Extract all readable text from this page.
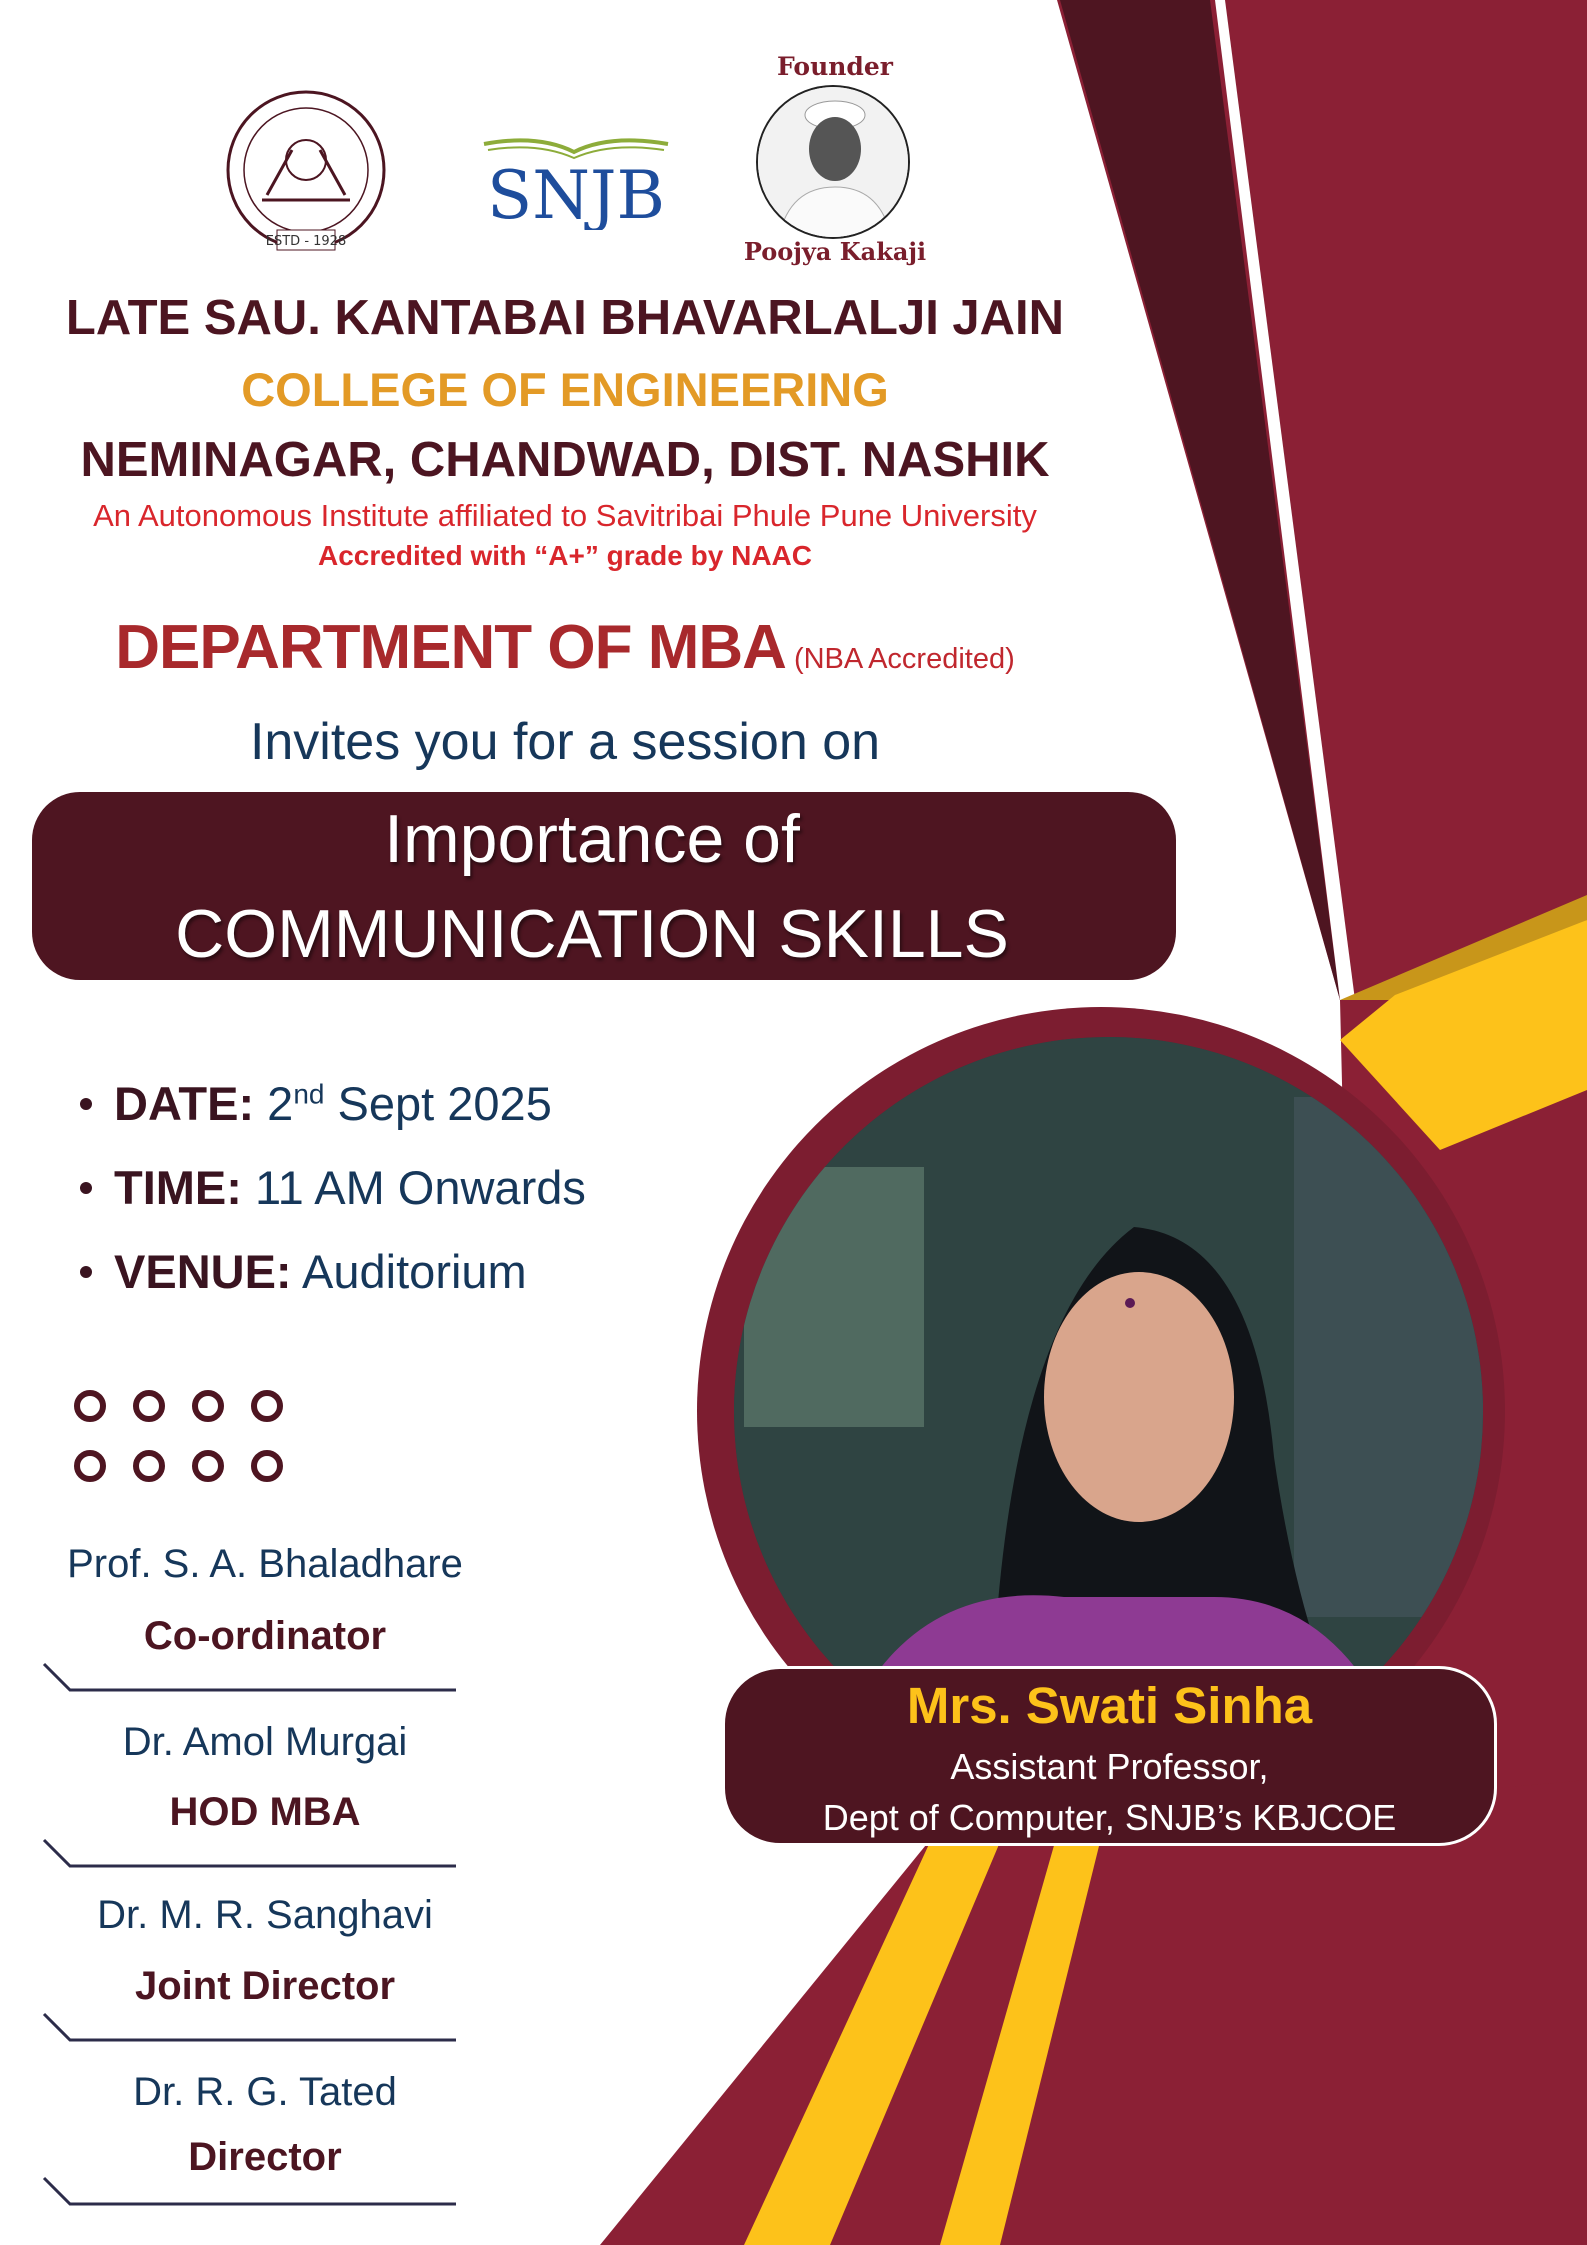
ESTD - 1928
SNJB
Founder
Poojya Kakaji
LATE SAU. KANTABAI BHAVARLALJI JAIN
COLLEGE OF ENGINEERING
NEMINAGAR, CHANDWAD, DIST. NASHIK
An Autonomous Institute affiliated to Savitribai Phule Pune University
Accredited with “A+” grade by NAAC
DEPARTMENT OF MBA (NBA Accredited)
Invites you for a session on
Importance of
COMMUNICATION SKILLS
DATE: 2nd Sept 2025
TIME: 11 AM Onwards
VENUE: Auditorium
Prof. S. A. Bhaladhare
Co-ordinator
Dr. Amol Murgai
HOD MBA
Dr. M. R. Sanghavi
Joint Director
Dr. R. G. Tated
Director
Mrs. Swati Sinha
Assistant Professor,
Dept of Computer, SNJB’s KBJCOE
